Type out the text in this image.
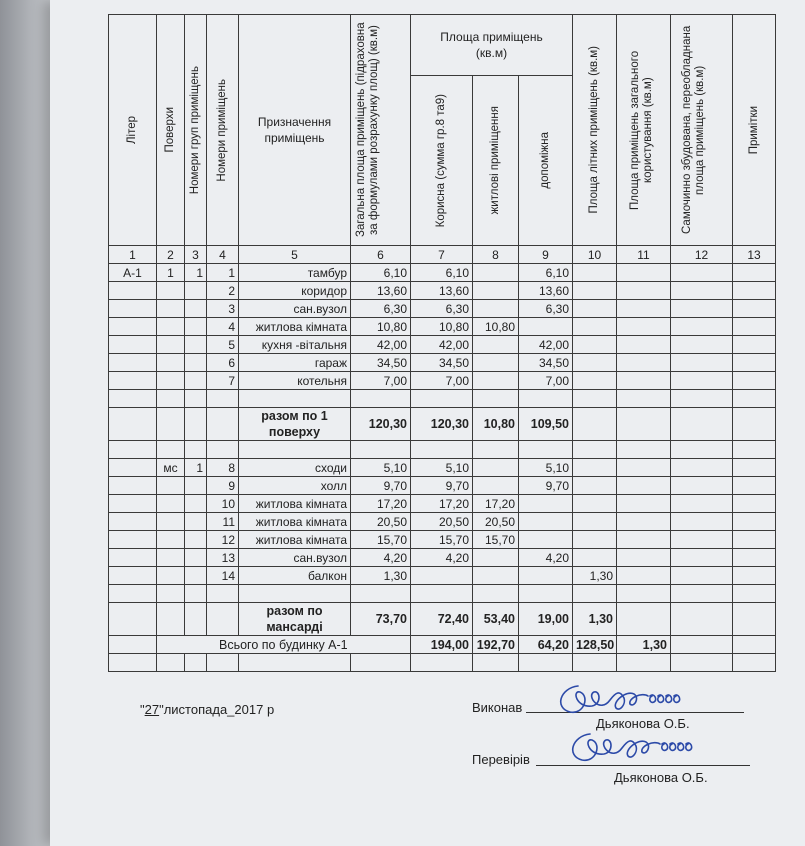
Літер	Поверхи	Номери груп приміщень	Номери приміщень	Призначення приміщень	Загальна площа приміщень (підраховна за формулами розрахунку площ) (кв.м)	Площа приміщень (кв.м)			Площа літних приміщень (кв.м)	Площа приміщень загального користування (кв.м)	Самочинно збудована, переобладнана площа приміщень (кв.м)	Примітки	

						Корисна (сумма гр.8 та9)	житлові приміщення	допоміжна					

1	2	3	4	5	6	7	8	9	10	11	12	13	
А-1	1	1	1	тамбур	6,10	6,10		6,10					
			2	коридор	13,60	13,60		13,60					
			3	сан.вузол	6,30	6,30		6,30					
			4	житлова кімната	10,80	10,80	10,80						
			5	кухня -вітальня	42,00	42,00		42,00					
			6	гараж	34,50	34,50		34,50					
			7	котельня	7,00	7,00		7,00					

				разом по 1 поверху	120,30	120,30	10,80	109,50					

	мс	1	8	сходи	5,10	5,10		5,10					
			9	холл	9,70	9,70		9,70					
			10	житлова кімната	17,20	17,20	17,20						
			11	житлова кімната	20,50	20,50	20,50						
			12	житлова кімната	15,70	15,70	15,70						
			13	сан.вузол	4,20	4,20		4,20					
			14	балкон	1,30				1,30				

				разом по мансарді	73,70	72,40	53,40	19,00	1,30				
	Всього по будинку А-1					194,00	192,70	64,20	128,50	1,30			

"27"листопада_2017 р	Виконав
Дьяконова О.Б.
Перевірів
Дьяконова О.Б.
